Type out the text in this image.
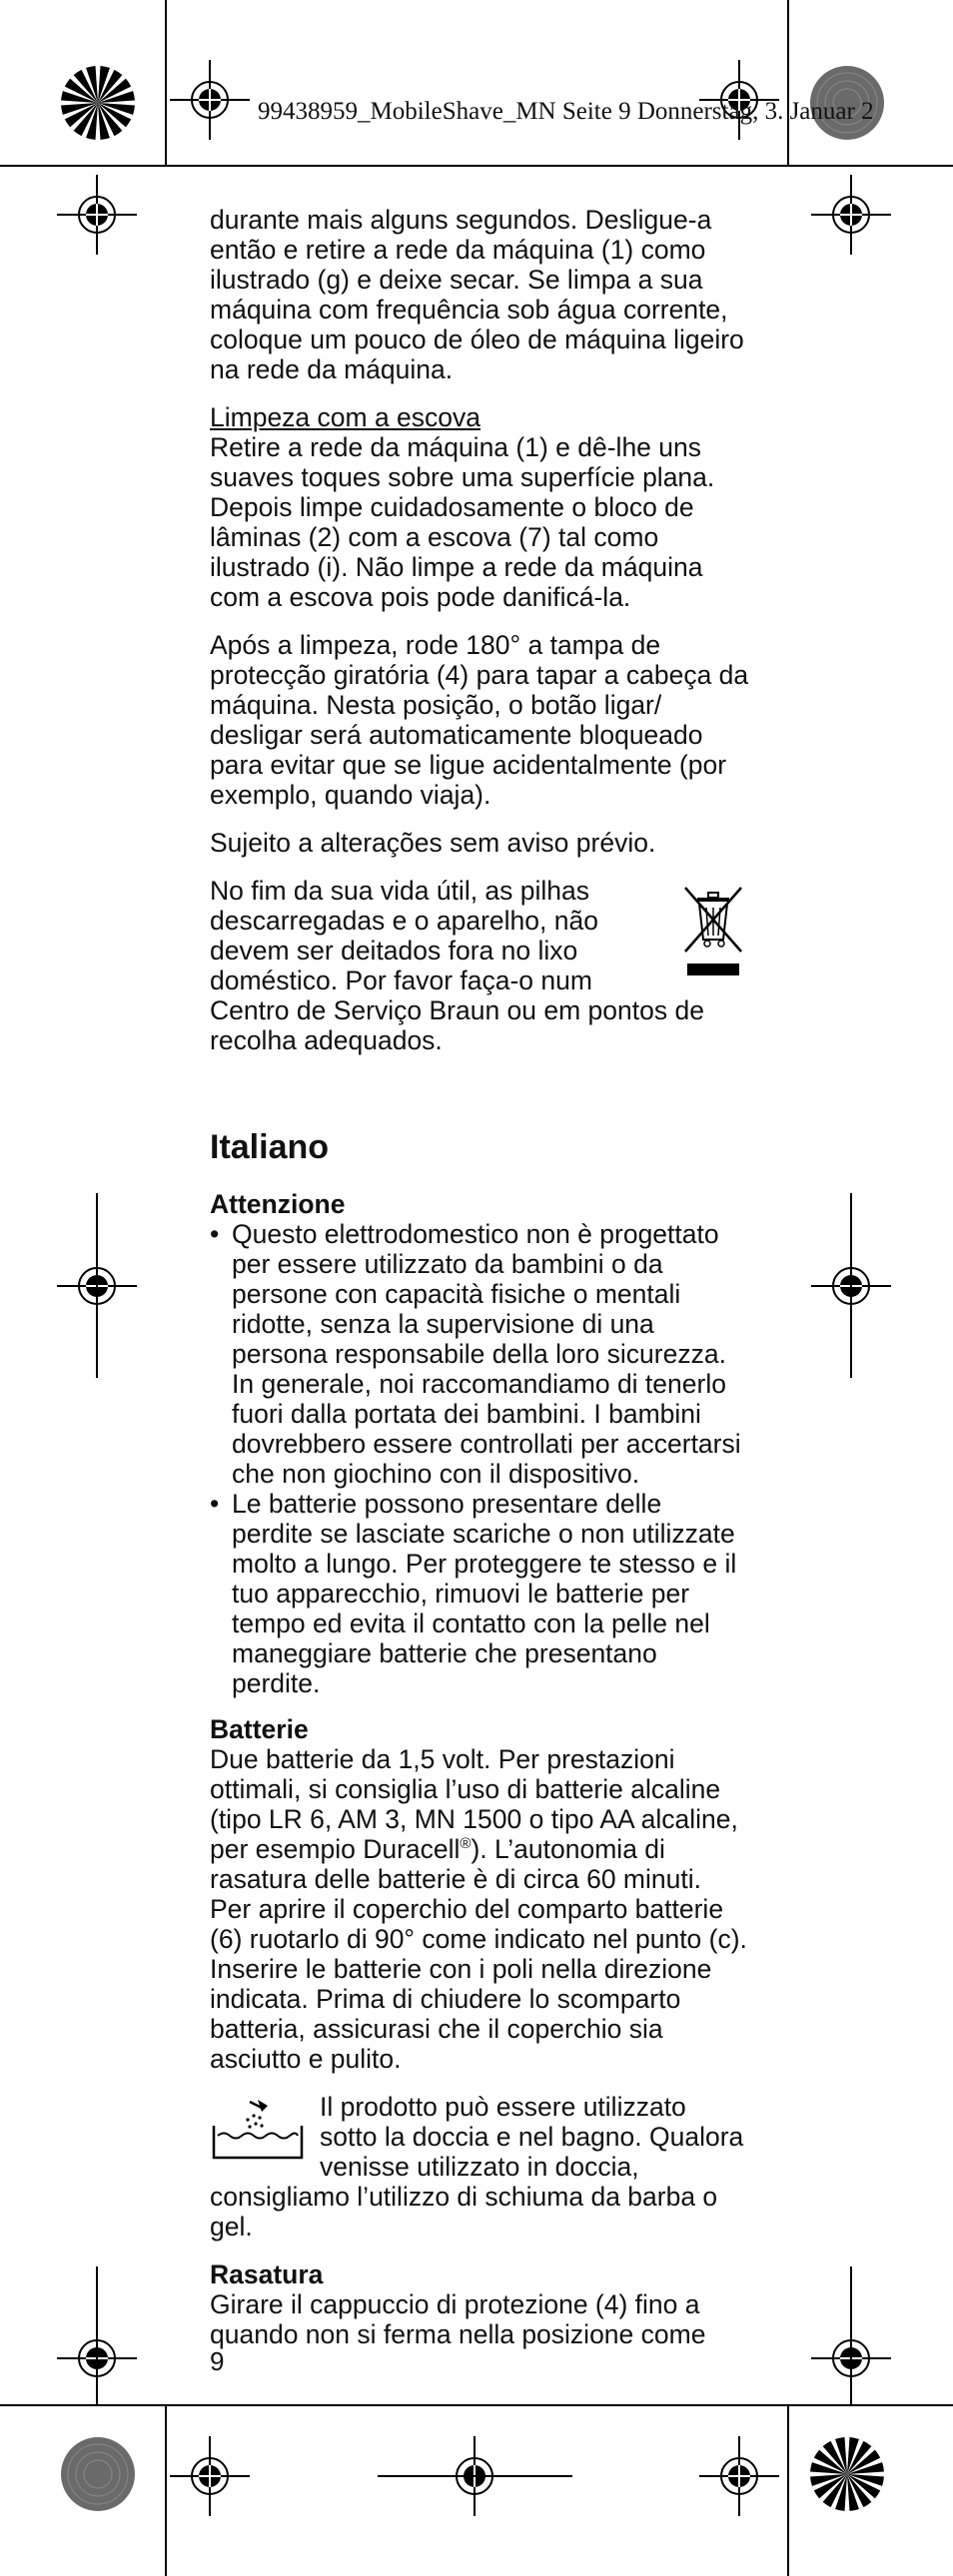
99438959_MobileShave_MN Seite 9 Donnerstag, 3. Januar 2

durante mais alguns segundos. Desligue-a então e retire a rede da máquina (1) como ilustrado (g) e deixe secar. Se limpa a sua máquina com frequência sob água corrente, coloque um pouco de óleo de máquina ligeiro na rede da máquina.

Limpeza com a escova
Retire a rede da máquina (1) e dê-lhe uns suaves toques sobre uma superfície plana. Depois limpe cuidadosamente o bloco de lâminas (2) com a escova (7) tal como ilustrado (i). Não limpe a rede da máquina com a escova pois pode danificá-la.

Após a limpeza, rode 180° a tampa de protecção giratória (4) para tapar a cabeça da máquina. Nesta posição, o botão ligar/ desligar será automaticamente bloqueado para evitar que se ligue acidentalmente (por exemplo, quando viaja).

Sujeito a alterações sem aviso prévio.

No fim da sua vida útil, as pilhas descarregadas e o aparelho, não devem ser deitados fora no lixo doméstico. Por favor faça-o num Centro de Serviço Braun ou em pontos de recolha adequados.
Italiano
Attenzione
• Questo elettrodomestico non è progettato per essere utilizzato da bambini o da persone con capacità fisiche o mentali ridotte, senza la supervisione di una persona responsabile della loro sicurezza. In generale, noi raccomandiamo di tenerlo fuori dalla portata dei bambini. I bambini dovrebbero essere controllati per accertarsi che non giochino con il dispositivo.
• Le batterie possono presentare delle perdite se lasciate scariche o non utilizzate molto a lungo. Per proteggere te stesso e il tuo apparecchio, rimuovi le batterie per tempo ed evita il contatto con la pelle nel maneggiare batterie che presentano perdite.

Batterie
Due batterie da 1,5 volt. Per prestazioni ottimali, si consiglia l’uso di batterie alcaline (tipo LR 6, AM 3, MN 1500 o tipo AA alcaline, per esempio Duracell®). L’autonomia di rasatura delle batterie è di circa 60 minuti. Per aprire il coperchio del comparto batterie (6) ruotarlo di 90° come indicato nel punto (c). Inserire le batterie con i poli nella direzione indicata. Prima di chiudere lo scomparto batteria, assicurasi che il coperchio sia asciutto e pulito.

Il prodotto può essere utilizzato sotto la doccia e nel bagno. Qualora venisse utilizzato in doccia, consigliamo l’utilizzo di schiuma da barba o gel.

Rasatura
Girare il cappuccio di protezione (4) fino a quando non si ferma nella posizione come

9
